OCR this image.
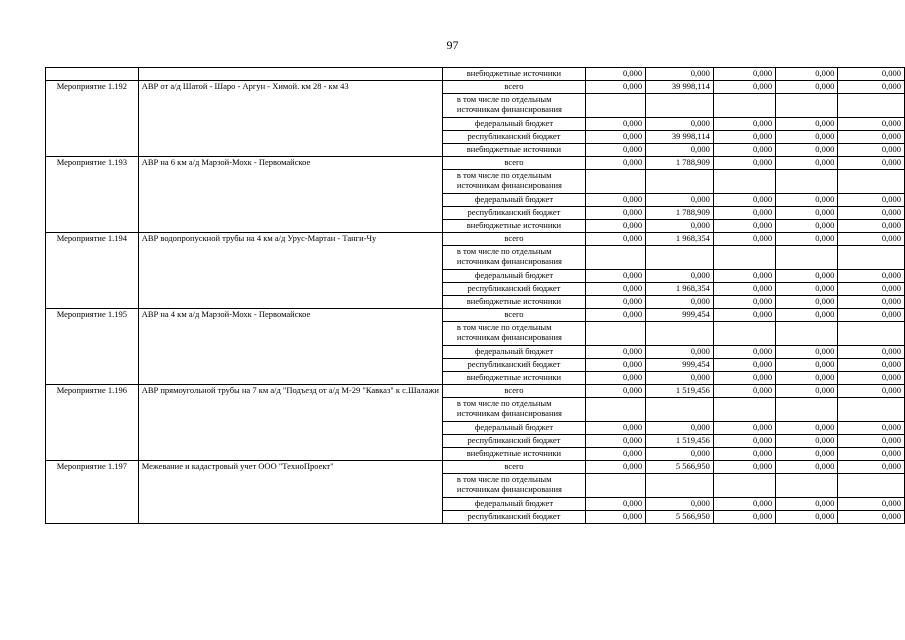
97
		внебюджетные источники	0,000	0,000	0,000	0,000	0,000
Мероприятие 1.192	АВР от а/д Шатой - Шаро - Аргун - Химой. км 28 - км 43	всего	0,000	39 998,114	0,000	0,000	0,000
		в том числе по отдельным источникам финансирования					
		федеральный бюджет	0,000	0,000	0,000	0,000	0,000
		республиканский бюджет	0,000	39 998,114	0,000	0,000	0,000
		внебюджетные источники	0,000	0,000	0,000	0,000	0,000
Мероприятие 1.193	АВР на 6 км а/д Марзой-Мохк - Первомайское	всего	0,000	1 788,909	0,000	0,000	0,000
		в том числе по отдельным источникам финансирования					
		федеральный бюджет	0,000	0,000	0,000	0,000	0,000
		республиканский бюджет	0,000	1 788,909	0,000	0,000	0,000
		внебюджетные источники	0,000	0,000	0,000	0,000	0,000
Мероприятие 1.194	АВР водопропускной трубы на 4 км а/д Урус-Мартан - Танги-Чу	всего	0,000	1 968,354	0,000	0,000	0,000
		в том числе по отдельным источникам финансирования					
		федеральный бюджет	0,000	0,000	0,000	0,000	0,000
		республиканский бюджет	0,000	1 968,354	0,000	0,000	0,000
		внебюджетные источники	0,000	0,000	0,000	0,000	0,000
Мероприятие 1.195	АВР на 4 км а/д Марзой-Мохк - Первомайское	всего	0,000	999,454	0,000	0,000	0,000
		в том числе по отдельным источникам финансирования					
		федеральный бюджет	0,000	0,000	0,000	0,000	0,000
		республиканский бюджет	0,000	999,454	0,000	0,000	0,000
		внебюджетные источники	0,000	0,000	0,000	0,000	0,000
Мероприятие 1.196	АВР прямоугольной трубы на 7 км а/д "Подъезд от а/д М-29 "Кавказ" к с.Шалажи	всего	0,000	1 519,456	0,000	0,000	0,000
		в том числе по отдельным источникам финансирования					
		федеральный бюджет	0,000	0,000	0,000	0,000	0,000
		республиканский бюджет	0,000	1 519,456	0,000	0,000	0,000
		внебюджетные источники	0,000	0,000	0,000	0,000	0,000
Мероприятие 1.197	Межевание и кадастровый учет ООО "ТехноПроект"	всего	0,000	5 566,950	0,000	0,000	0,000
		в том числе по отдельным источникам финансирования					
		федеральный бюджет	0,000	0,000	0,000	0,000	0,000
		республиканский бюджет	0,000	5 566,950	0,000	0,000	0,000
